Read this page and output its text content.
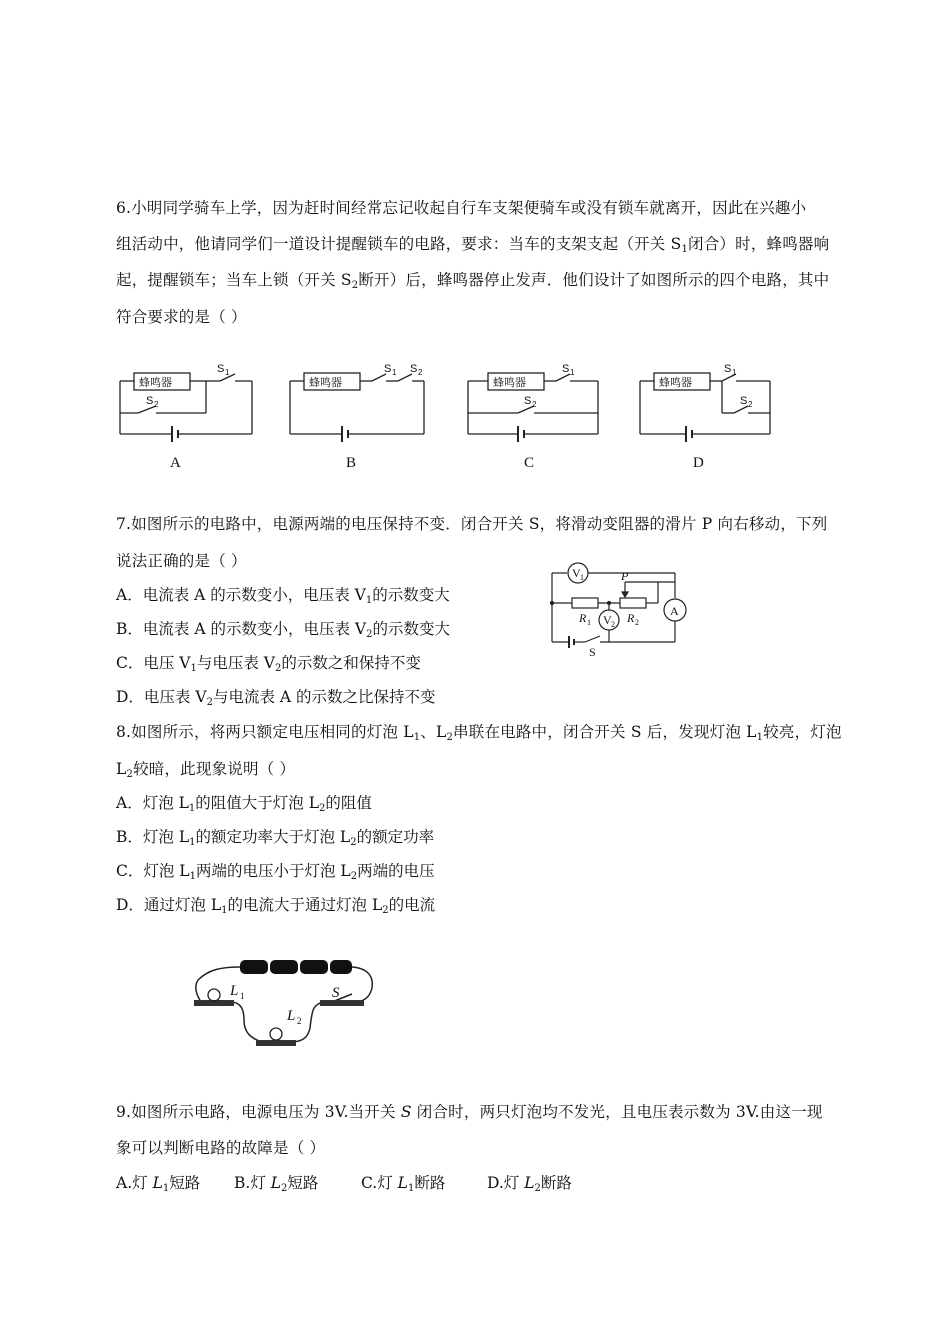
6.小明同学骑车上学，因为赶时间经常忘记收起自行车支架便骑车或没有锁车就离开，因此在兴趣小
组活动中，他请同学们一道设计提醒锁车的电路，要求：当车的支架支起（开关 $S_1$闭合）时，蜂鸣器响
起，提醒锁车；当车上锁（开关 $S_2$断开）后，蜂鸣器停止发声．他们设计了如图所示的四个电路，其中
符合要求的是（ ）
蜂鸣器	蜂鸣器	蜂鸣器	蜂鸣器
S
S
S S	S
S
S
S
1
2
1	2	1
2
1
2
A	B	C	D
7.如图所示的电路中，电源两端的电压保持不变．闭合开关 S，将滑动变阻器的滑片 P 向右移动，下列
说法正确的是（ ）
A．电流表 A 的示数变小，电压表 $V_1$的示数变大
B．电流表 A 的示数变小，电压表 $V_2$的示数变大
C．电压 $V_1$与电压表 $V_2$的示数之和保持不变
D．电压表 $V_2$与电流表 A 的示数之比保持不变
V 1
V 2
A
P
R 1	R 2
S
8.如图所示，将两只额定电压相同的灯泡 $L_1$、$L_2$串联在电路中，闭合开关 S 后，发现灯泡 $L_1$较亮，灯泡
$L_2$较暗，此现象说明（ ）
A．灯泡 $L_1$的阻值大于灯泡 $L_2$的阻值
B．灯泡 $L_1$的额定功率大于灯泡 $L_2$的额定功率
C．灯泡 $L_1$两端的电压小于灯泡 $L_2$两端的电压
D．通过灯泡 $L_1$的电流大于通过灯泡 $L_2$的电流
L 1
L 2
S
9.如图所示电路，电源电压为 3V.当开关 S 闭合时，两只灯泡均不发光，且电压表示数为 3V.由这一现
象可以判断电路的故障是（ ）
A.灯 $L_1$短路 B.灯 $L_2$短路	C.灯 $L_1$断路	D.灯 $L_2$断路
